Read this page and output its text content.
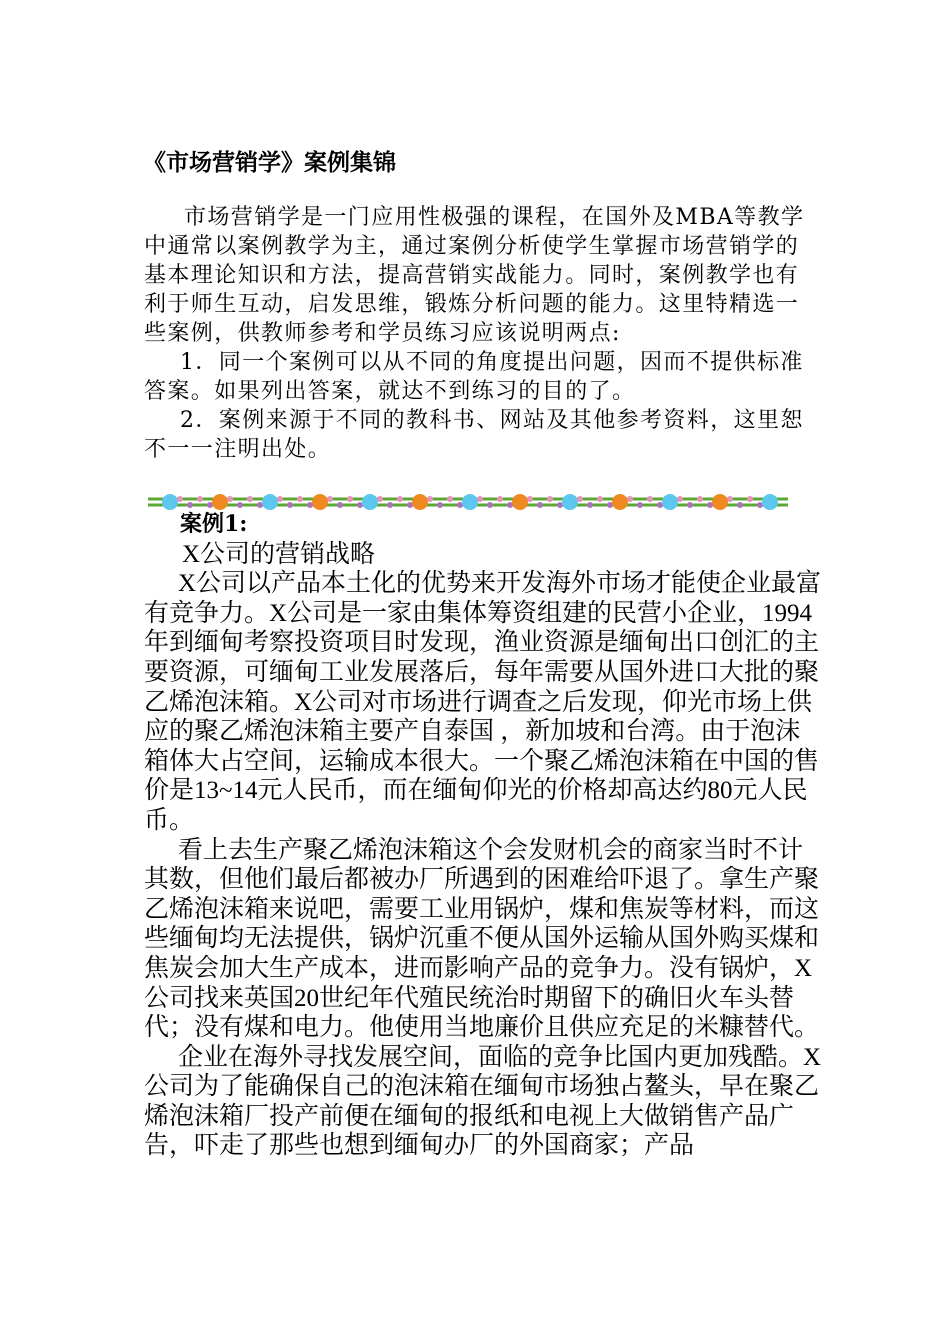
《市场营销学》案例集锦

市场营销学是一门应用性极强的课程，在国外及MBA等教学中通常以案例教学为主，通过案例分析使学生掌握市场营销学的基本理论知识和方法，提高营销实战能力。同时，案例教学也有利于师生互动，启发思维，锻炼分析问题的能力。这里特精选一些案例，供教师参考和学员练习应该说明两点:

1．同一个案例可以从不同的角度提出问题，因而不提供标准答案。如果列出答案，就达不到练习的目的了。

2．案例来源于不同的教科书、网站及其他参考资料，这里恕不一一注明出处。

案例1:

X公司的营销战略

X公司以产品本土化的优势来开发海外市场才能使企业最富有竞争力。X公司是一家由集体筹资组建的民营小企业，1994年到缅甸考察投资项目时发现，渔业资源是缅甸出口创汇的主要资源，可缅甸工业发展落后，每年需要从国外进口大批的聚乙烯泡沫箱。X公司对市场进行调查之后发现，仰光市场上供应的聚乙烯泡沫箱主要产自泰国 ，新加坡和台湾。由于泡沫箱体大占空间，运输成本很大。一个聚乙烯泡沫箱在中国的售价是13~14元人民币，而在缅甸仰光的价格却高达约80元人民币。

看上去生产聚乙烯泡沫箱这个会发财机会的商家当时不计其数，但他们最后都被办厂所遇到的困难给吓退了。拿生产聚乙烯泡沫箱来说吧，需要工业用锅炉，煤和焦炭等材料，而这些缅甸均无法提供，锅炉沉重不便从国外运输从国外购买煤和焦炭会加大生产成本，进而影响产品的竞争力。没有锅炉，X公司找来英国20世纪年代殖民统治时期留下的确旧火车头替代；没有煤和电力。他使用当地廉价且供应充足的米糠替代。

企业在海外寻找发展空间，面临的竞争比国内更加残酷。X公司为了能确保自己的泡沫箱在缅甸市场独占鳌头，早在聚乙烯泡沫箱厂投产前便在缅甸的报纸和电视上大做销售产品广告，吓走了那些也想到缅甸办厂的外国商家；产品
